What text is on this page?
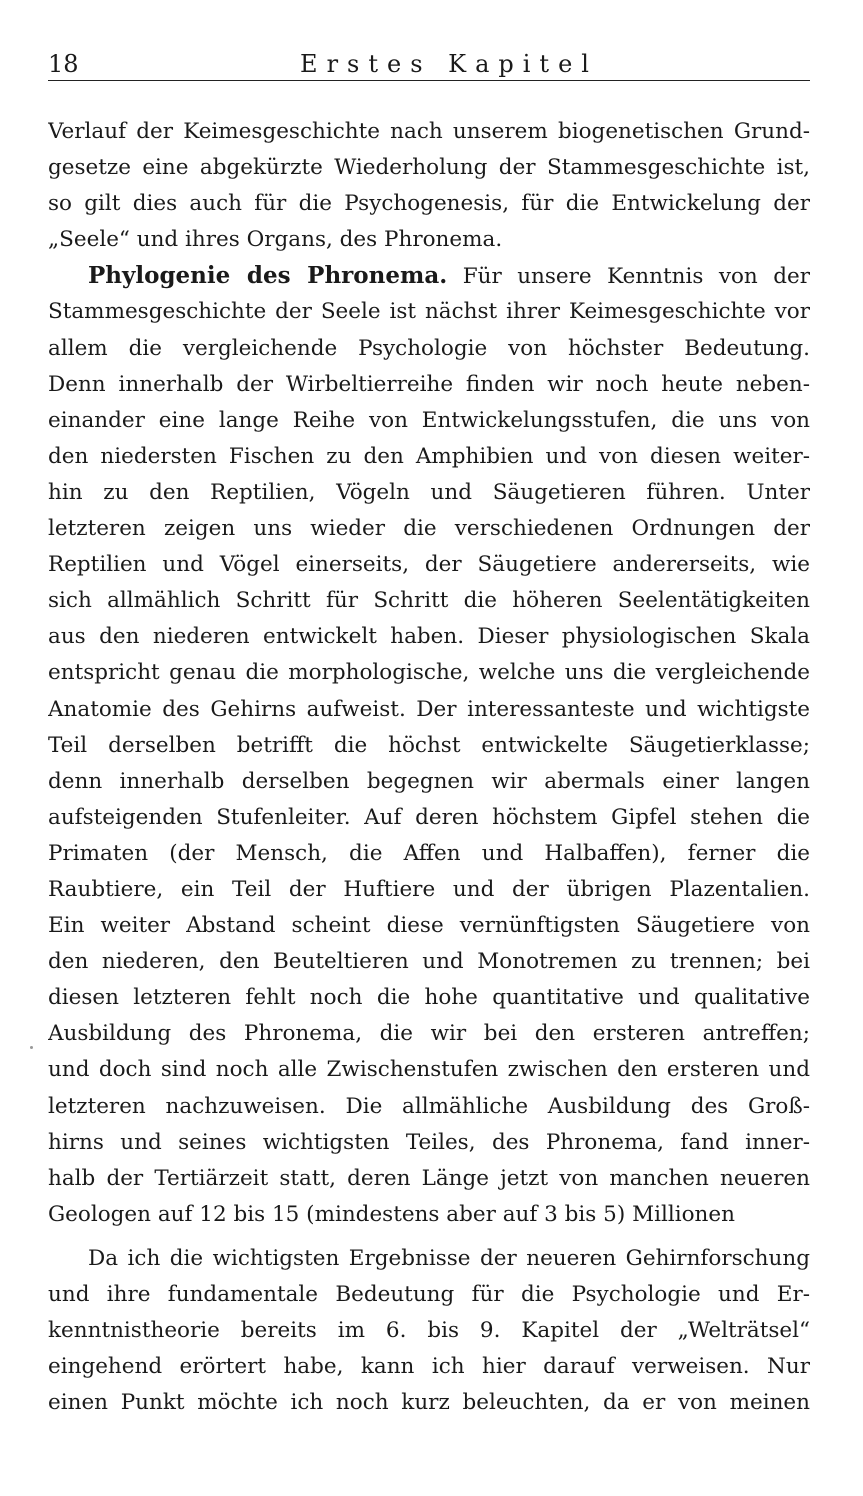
18	Erstes Kapitel
Verlauf der Keimesgeschichte nach unserem biogenetischen Grund-
gesetze eine abgekürzte Wiederholung der Stammesgeschichte ist,
so gilt dies auch für die Psychogenesis, für die Entwickelung der
„Seele“ und ihres Organs, des Phronema.
Phylogenie des Phronema. Für unsere Kenntnis von der
Stammesgeschichte der Seele ist nächst ihrer Keimesgeschichte vor
allem die vergleichende Psychologie von höchster Bedeutung.
Denn innerhalb der Wirbeltierreihe finden wir noch heute neben-
einander eine lange Reihe von Entwickelungsstufen, die uns von
den niedersten Fischen zu den Amphibien und von diesen weiter-
hin zu den Reptilien, Vögeln und Säugetieren führen. Unter
letzteren zeigen uns wieder die verschiedenen Ordnungen der
Reptilien und Vögel einerseits, der Säugetiere andererseits, wie
sich allmählich Schritt für Schritt die höheren Seelentätigkeiten
aus den niederen entwickelt haben. Dieser physiologischen Skala
entspricht genau die morphologische, welche uns die vergleichende
Anatomie des Gehirns aufweist. Der interessanteste und wichtigste
Teil derselben betrifft die höchst entwickelte Säugetierklasse;
denn innerhalb derselben begegnen wir abermals einer langen
aufsteigenden Stufenleiter. Auf deren höchstem Gipfel stehen die
Primaten (der Mensch, die Affen und Halbaffen), ferner die
Raubtiere, ein Teil der Huftiere und der übrigen Plazentalien.
Ein weiter Abstand scheint diese vernünftigsten Säugetiere von
den niederen, den Beuteltieren und Monotremen zu trennen; bei
diesen letzteren fehlt noch die hohe quantitative und qualitative
Ausbildung des Phronema, die wir bei den ersteren antreffen;
und doch sind noch alle Zwischenstufen zwischen den ersteren und
letzteren nachzuweisen. Die allmähliche Ausbildung des Groß-
hirns und seines wichtigsten Teiles, des Phronema, fand inner-
halb der Tertiärzeit statt, deren Länge jetzt von manchen neueren
Geologen auf 12 bis 15 (mindestens aber auf 3 bis 5) Millionen
Da ich die wichtigsten Ergebnisse der neueren Gehirnforschung
und ihre fundamentale Bedeutung für die Psychologie und Er-
kenntnistheorie bereits im 6. bis 9. Kapitel der „Welträtsel“
eingehend erörtert habe, kann ich hier darauf verweisen. Nur
einen Punkt möchte ich noch kurz beleuchten, da er von meinen
